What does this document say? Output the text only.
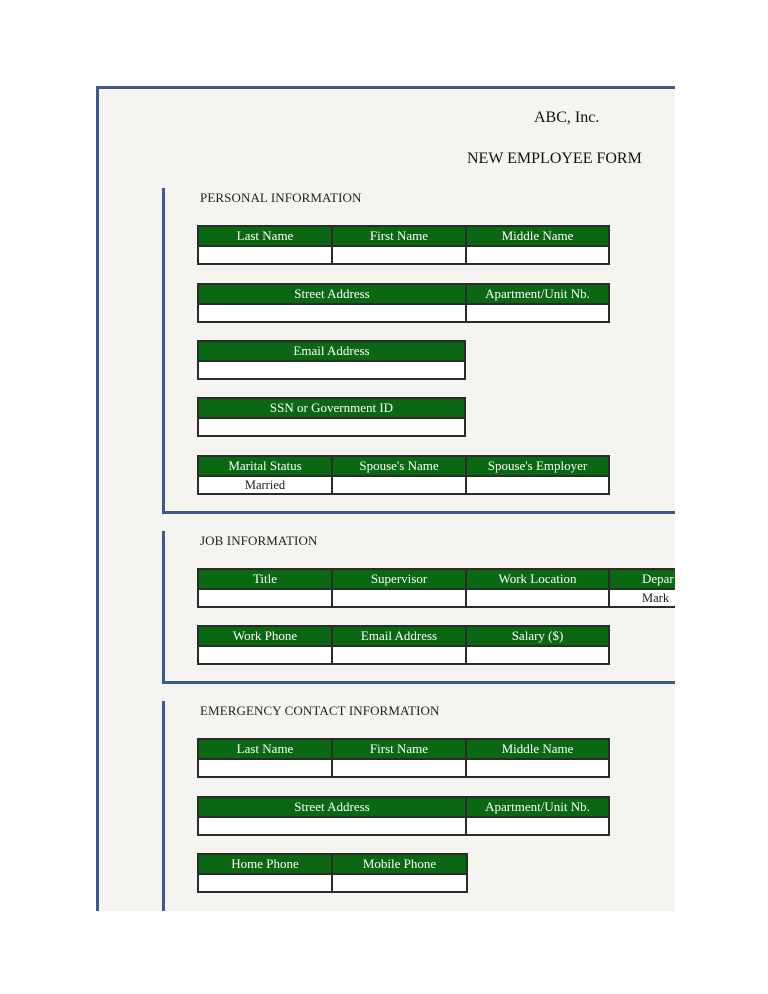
ABC, Inc.
NEW EMPLOYEE FORM
PERSONAL INFORMATION
Last Name	First Name	Middle Name

Street Address	Apartment/Unit Nb.

Email Address

SSN or Government ID

Marital Status	Spouse's Name	Spouse's Employer
Married		
JOB INFORMATION
Title	Supervisor	Work Location	Depar
			Mark
Work Phone	Email Address	Salary ($)

EMERGENCY CONTACT INFORMATION
Last Name	First Name	Middle Name

Street Address	Apartment/Unit Nb.

Home Phone	Mobile Phone
